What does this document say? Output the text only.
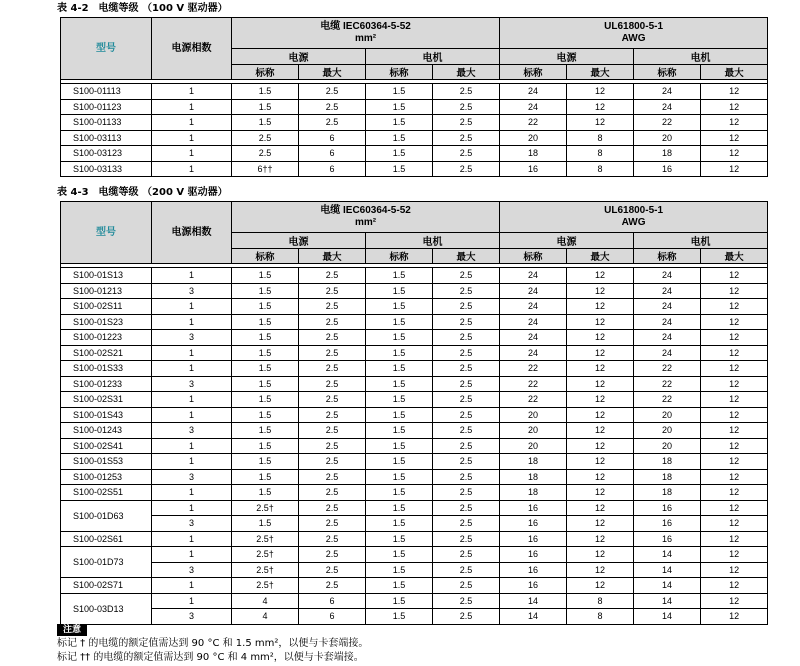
表 4-2　电缆等级 （100 V 驱动器）
型号	电源相数	电缆 IEC60364-5-52
mm²				UL61800-5-1
AWG			
		电源		电机		电源		电机	
		标称	最大	标称	最大	标称	最大	标称	最大

S100-01113	1	1.5	2.5	1.5	2.5	24	12	24	12
S100-01123	1	1.5	2.5	1.5	2.5	24	12	24	12
S100-01133	1	1.5	2.5	1.5	2.5	22	12	22	12
S100-03113	1	2.5	6	1.5	2.5	20	8	20	12
S100-03123	1	2.5	6	1.5	2.5	18	8	18	12
S100-03133	1	6††	6	1.5	2.5	16	8	16	12
表 4-3　电缆等级 （200 V 驱动器）
型号	电源相数	电缆 IEC60364-5-52
mm²				UL61800-5-1
AWG			
		电源		电机		电源		电机	
		标称	最大	标称	最大	标称	最大	标称	最大

S100-01S13	1	1.5	2.5	1.5	2.5	24	12	24	12
S100-01213	3	1.5	2.5	1.5	2.5	24	12	24	12
S100-02S11	1	1.5	2.5	1.5	2.5	24	12	24	12
S100-01S23	1	1.5	2.5	1.5	2.5	24	12	24	12
S100-01223	3	1.5	2.5	1.5	2.5	24	12	24	12
S100-02S21	1	1.5	2.5	1.5	2.5	24	12	24	12
S100-01S33	1	1.5	2.5	1.5	2.5	22	12	22	12
S100-01233	3	1.5	2.5	1.5	2.5	22	12	22	12
S100-02S31	1	1.5	2.5	1.5	2.5	22	12	22	12
S100-01S43	1	1.5	2.5	1.5	2.5	20	12	20	12
S100-01243	3	1.5	2.5	1.5	2.5	20	12	20	12
S100-02S41	1	1.5	2.5	1.5	2.5	20	12	20	12
S100-01S53	1	1.5	2.5	1.5	2.5	18	12	18	12
S100-01253	3	1.5	2.5	1.5	2.5	18	12	18	12
S100-02S51	1	1.5	2.5	1.5	2.5	18	12	18	12
S100-01D63	1	2.5†	2.5	1.5	2.5	16	12	16	12
	3	1.5	2.5	1.5	2.5	16	12	16	12
S100-02S61	1	2.5†	2.5	1.5	2.5	16	12	16	12
S100-01D73	1	2.5†	2.5	1.5	2.5	16	12	14	12
	3	2.5†	2.5	1.5	2.5	16	12	14	12
S100-02S71	1	2.5†	2.5	1.5	2.5	16	12	14	12
S100-03D13	1	4	6	1.5	2.5	14	8	14	12
	3	4	6	1.5	2.5	14	8	14	12
注意
标记 † 的电缆的额定值需达到 90 °C 和 1.5 mm²，以便与卡套端接。
标记 †† 的电缆的额定值需达到 90 °C 和 4 mm²，以便与卡套端接。
